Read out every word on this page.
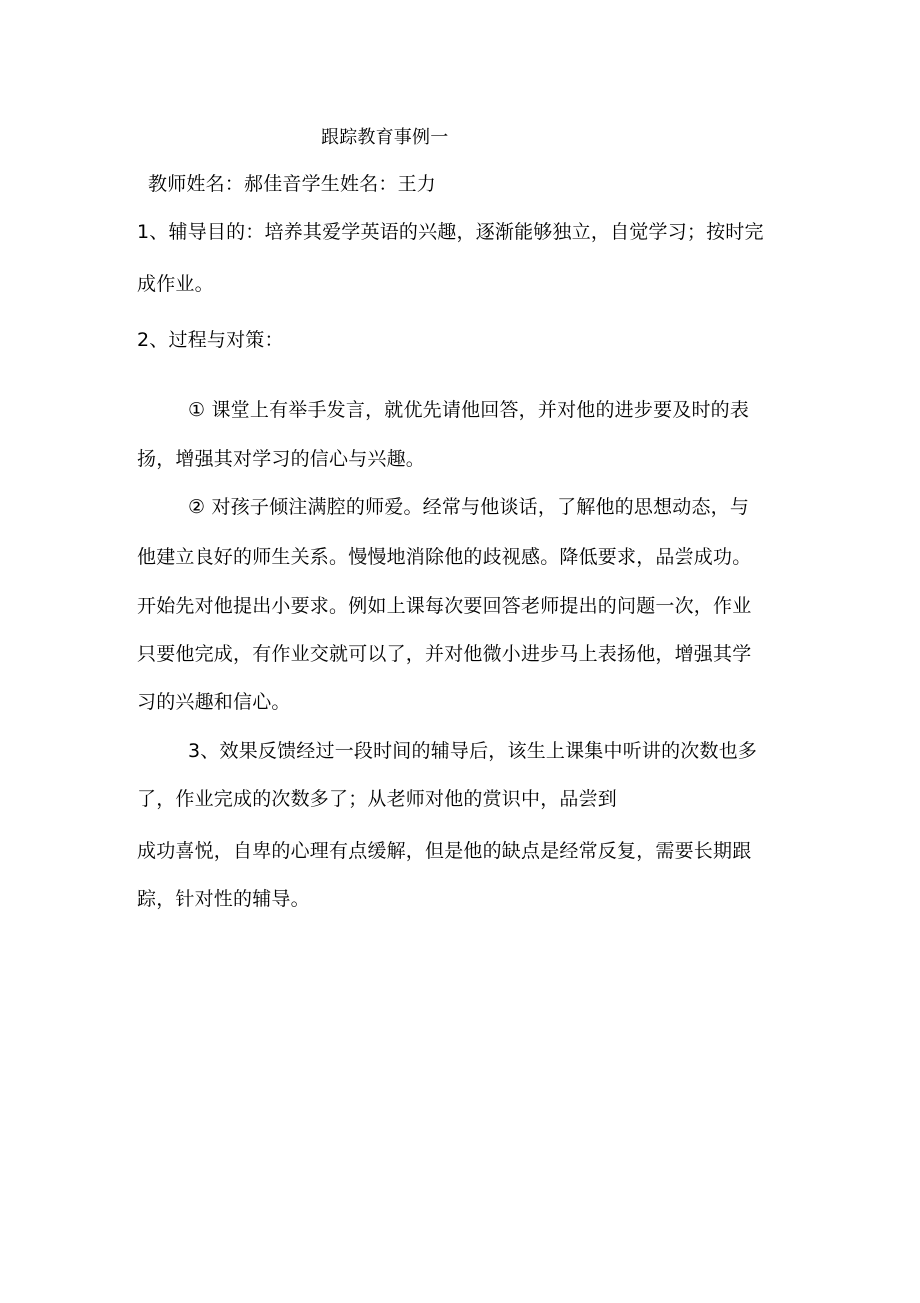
跟踪教育事例一
教师姓名：郝佳音学生姓名：王力
1、辅导目的：培养其爱学英语的兴趣，逐渐能够独立，自觉学习；按时完
成作业。
2、过程与对策：
① 课堂上有举手发言，就优先请他回答，并对他的进步要及时的表
扬，增强其对学习的信心与兴趣。
② 对孩子倾注满腔的师爱。经常与他谈话，了解他的思想动态，与
他建立良好的师生关系。慢慢地消除他的歧视感。降低要求，品尝成功。
开始先对他提出小要求。例如上课每次要回答老师提出的问题一次，作业
只要他完成，有作业交就可以了，并对他微小进步马上表扬他，增强其学
习的兴趣和信心。
3、效果反馈经过一段时间的辅导后，该生上课集中听讲的次数也多
了，作业完成的次数多了；从老师对他的赏识中，品尝到
成功喜悦，自卑的心理有点缓解，但是他的缺点是经常反复，需要长期跟
踪，针对性的辅导。
